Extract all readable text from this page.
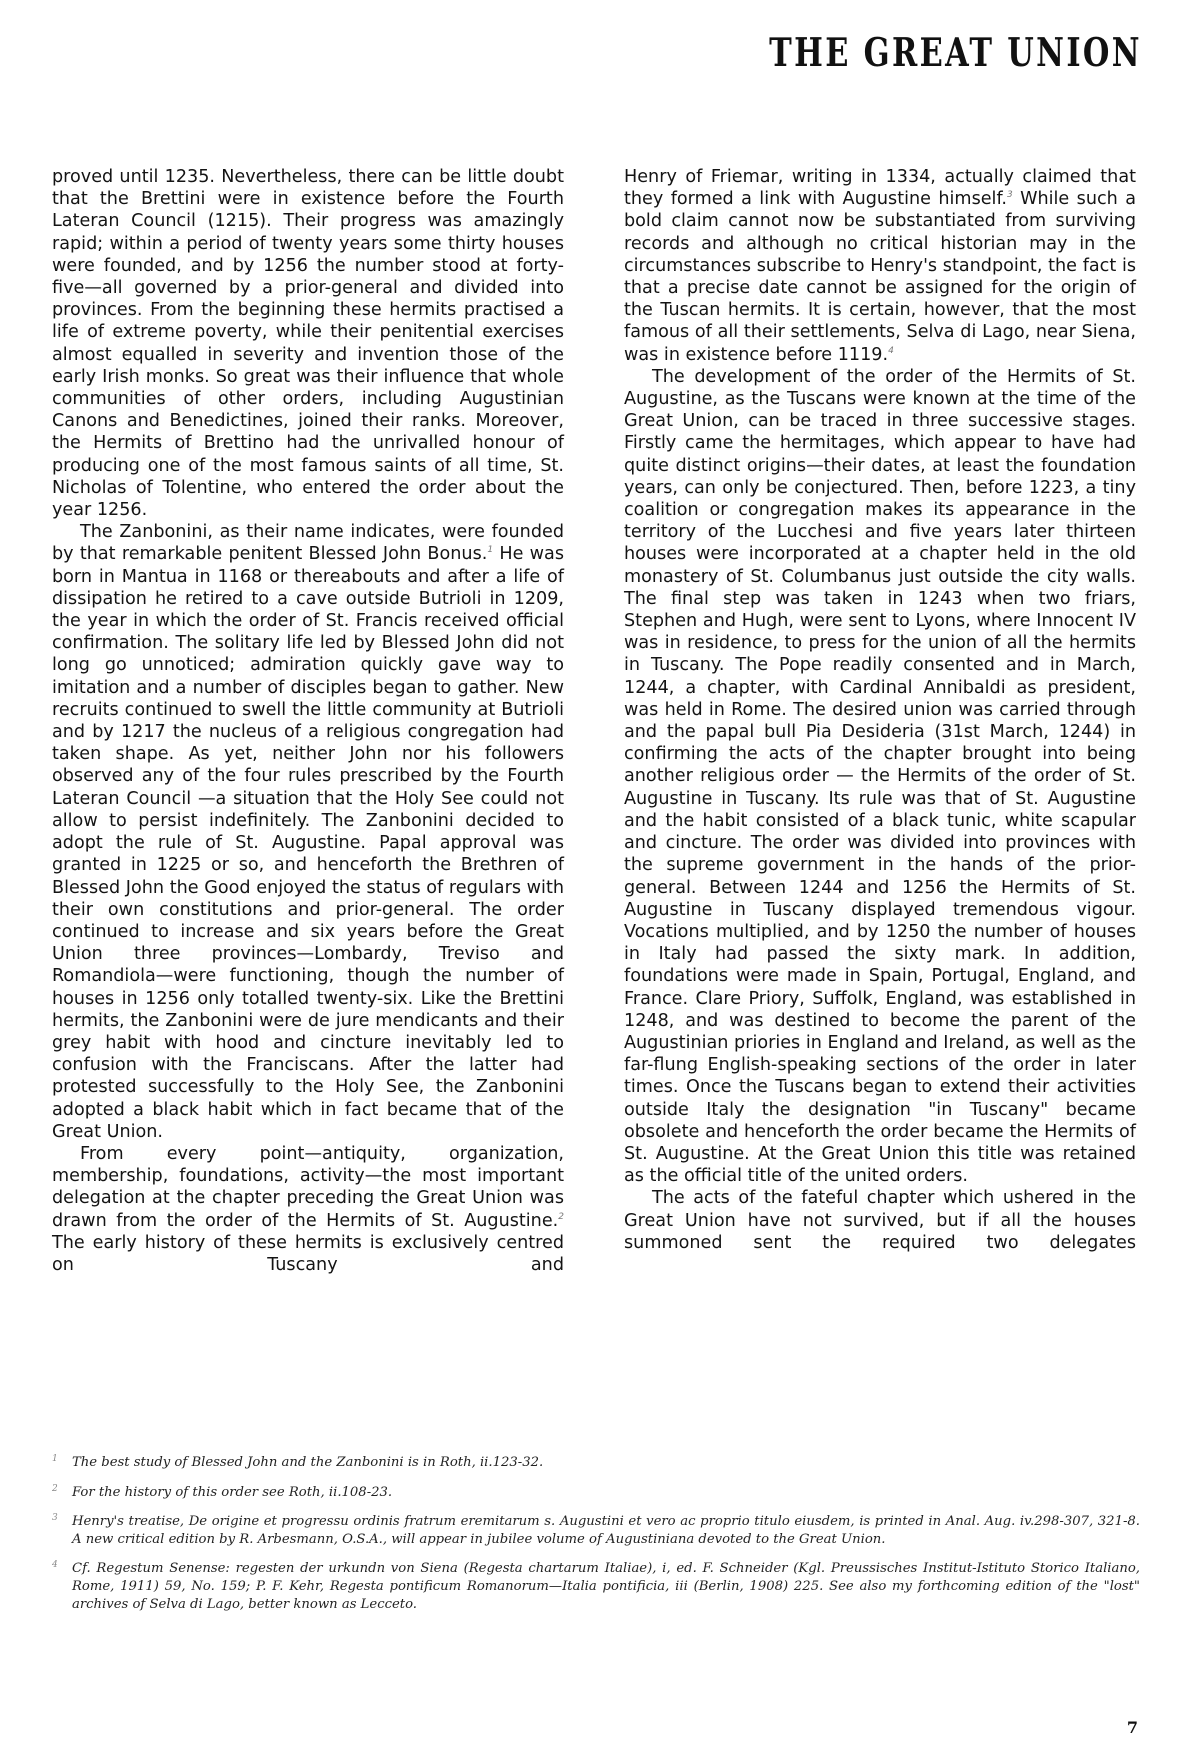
THE GREAT UNION

proved until 1235. Nevertheless, there can be little doubt that the Brettini were in existence before the Fourth Lateran Council (1215). Their progress was amazingly rapid; within a period of twenty years some thirty houses were founded, and by 1256 the number stood at forty-five—all governed by a prior-general and divided into provinces. From the beginning these hermits practised a life of extreme poverty, while their penitential exercises almost equalled in severity and invention those of the early Irish monks. So great was their influence that whole communities of other orders, including Augustinian Canons and Benedictines, joined their ranks. Moreover, the Hermits of Brettino had the unrivalled honour of producing one of the most famous saints of all time, St. Nicholas of Tolentine, who entered the order about the year 1256.

The Zanbonini, as their name indicates, were founded by that remarkable penitent Blessed John Bonus.$^1$ He was born in Mantua in 1168 or thereabouts and after a life of dissipation he retired to a cave outside Butrioli in 1209, the year in which the order of St. Francis received official confirmation. The solitary life led by Blessed John did not long go unnoticed; admiration quickly gave way to imitation and a number of disciples began to gather. New recruits continued to swell the little community at Butrioli and by 1217 the nucleus of a religious congregation had taken shape. As yet, neither John nor his followers observed any of the four rules prescribed by the Fourth Lateran Council —a situation that the Holy See could not allow to persist indefinitely. The Zanbonini decided to adopt the rule of St. Augustine. Papal approval was granted in 1225 or so, and henceforth the Brethren of Blessed John the Good enjoyed the status of regulars with their own constitutions and prior-general. The order continued to increase and six years before the Great Union three provinces—Lombardy, Treviso and Romandiola—were functioning, though the number of houses in 1256 only totalled twenty-six. Like the Brettini hermits, the Zanbonini were de jure mendicants and their grey habit with hood and cincture inevitably led to confusion with the Franciscans. After the latter had protested successfully to the Holy See, the Zanbonini adopted a black habit which in fact became that of the Great Union.

From every point—antiquity, organization, membership, foundations, activity—the most important delegation at the chapter preceding the Great Union was drawn from the order of the Hermits of St. Augustine.$^2$ The early history of these hermits is exclusively centred on Tuscany and

Henry of Friemar, writing in 1334, actually claimed that they formed a link with Augustine himself.$^3$ While such a bold claim cannot now be substantiated from surviving records and although no critical historian may in the circumstances subscribe to Henry's standpoint, the fact is that a precise date cannot be assigned for the origin of the Tuscan hermits. It is certain, however, that the most famous of all their settlements, Selva di Lago, near Siena, was in existence before 1119.$^4$

The development of the order of the Hermits of St. Augustine, as the Tuscans were known at the time of the Great Union, can be traced in three successive stages. Firstly came the hermitages, which appear to have had quite distinct origins—their dates, at least the foundation years, can only be conjectured. Then, before 1223, a tiny coalition or congregation makes its appearance in the territory of the Lucchesi and five years later thirteen houses were incorporated at a chapter held in the old monastery of St. Columbanus just outside the city walls. The final step was taken in 1243 when two friars, Stephen and Hugh, were sent to Lyons, where Innocent IV was in residence, to press for the union of all the hermits in Tuscany. The Pope readily consented and in March, 1244, a chapter, with Cardinal Annibaldi as president, was held in Rome. The desired union was carried through and the papal bull Pia Desideria (31st March, 1244) in confirming the acts of the chapter brought into being another religious order — the Hermits of the order of St. Augustine in Tuscany. Its rule was that of St. Augustine and the habit consisted of a black tunic, white scapular and cincture. The order was divided into provinces with the supreme government in the hands of the prior-general. Between 1244 and 1256 the Hermits of St. Augustine in Tuscany displayed tremendous vigour. Vocations multiplied, and by 1250 the number of houses in Italy had passed the sixty mark. In addition, foundations were made in Spain, Portugal, England, and France. Clare Priory, Suffolk, England, was established in 1248, and was destined to become the parent of the Augustinian priories in England and Ireland, as well as the far-flung English-speaking sections of the order in later times. Once the Tuscans began to extend their activities outside Italy the designation "in Tuscany" became obsolete and henceforth the order became the Hermits of St. Augustine. At the Great Union this title was retained as the official title of the united orders.

The acts of the fateful chapter which ushered in the Great Union have not survived, but if all the houses summoned sent the required two delegates

1 The best study of Blessed John and the Zanbonini is in Roth, ii.123-32.

2 For the history of this order see Roth, ii.108-23.

3 Henry's treatise, De origine et progressu ordinis fratrum eremitarum s. Augustini et vero ac proprio titulo eiusdem, is printed in Anal. Aug. iv.298-307, 321-8. A new critical edition by R. Arbesmann, O.S.A., will appear in jubilee volume of Augustiniana devoted to the Great Union.

4 Cf. Regestum Senense: regesten der urkundn von Siena (Regesta chartarum Italiae), i, ed. F. Schneider (Kgl. Preussisches Institut-Istituto Storico Italiano, Rome, 1911) 59, No. 159; P. F. Kehr, Regesta pontificum Romanorum—Italia pontificia, iii (Berlin, 1908) 225. See also my forthcoming edition of the "lost" archives of Selva di Lago, better known as Lecceto.

7
